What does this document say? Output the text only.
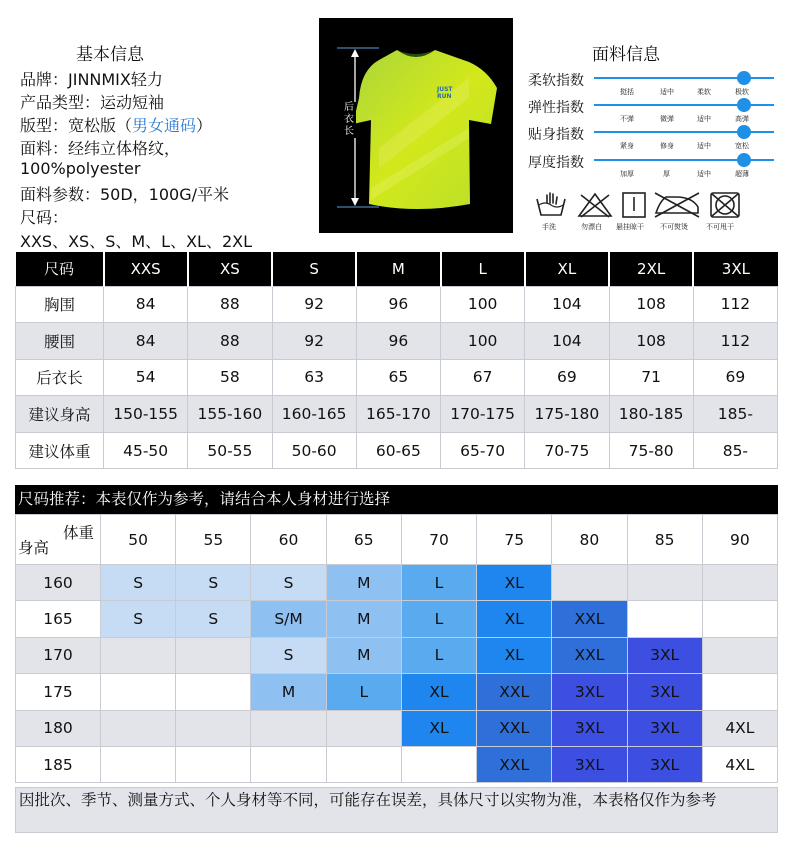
基本信息
品牌：JINNMIX轻力
产品类型：运动短袖
版型：宽松版（男女通码）
面料：经纬立体格纹，
100%polyester
面料参数：50D，100G/平米
尺码：
XXS、XS、S、M、L、XL、2XL
JUST
RUN
后衣长
面料信息
柔软指数
挺括	适中	柔软	极软
弹性指数
不弹	微弹	适中	高弹
贴身指数
紧身	修身	适中	宽松
厚度指数
加厚	厚	适中	超薄
手洗	勿漂白 悬挂晾干 不可熨烫	不可甩干
尺码	XXS	XS	S	M	L	XL	2XL	3XL
胸围	84	88	92	96	100	104	108	112
腰围	84	88	92	96	100	104	108	112
后衣长	54	58	63	65	67	69	71	69
建议身高	150-155	155-160	160-165	165-170	170-175	175-180	180-185	185-
建议体重	45-50	50-55	50-60	60-65	65-70	70-75	75-80	85-
尺码推荐：本表仅作为参考，请结合本人身材进行选择
体重
身高	50	55	60	65	70	75	80	85	90
160	S	S	S	M	L	XL			
165	S	S	S/M	M	L	XL	XXL		
170			S	M	L	XL	XXL	3XL	
175			M	L	XL	XXL	3XL	3XL	
180					XL	XXL	3XL	3XL	4XL
185						XXL	3XL	3XL	4XL
因批次、季节、测量方式、个人身材等不同，可能存在误差，具体尺寸以实物为准，本表格仅作为参考
